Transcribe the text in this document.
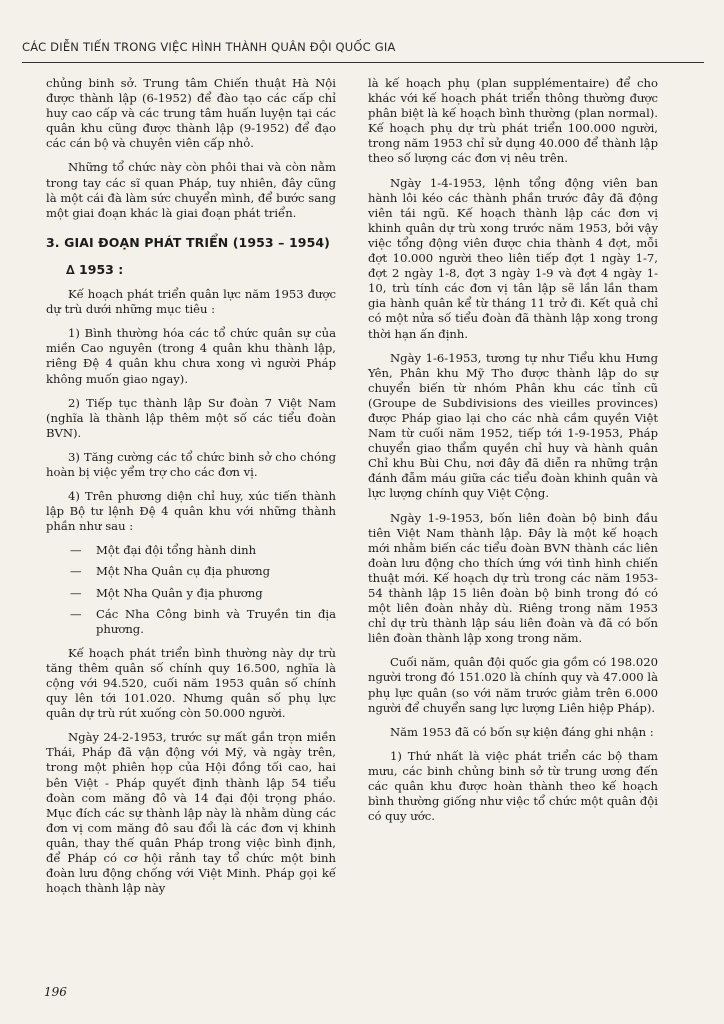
CÁC DIỄN TIẾN TRONG VIỆC HÌNH THÀNH QUÂN ĐỘI QUỐC GIA

chủng binh sở. Trung tâm Chiến thuật Hà Nội được thành lập (6-1952) để đào tạo các cấp chỉ huy cao cấp và các trung tâm huấn luyện tại các quân khu cũng được thành lập (9-1952) để đạo các cán bộ và chuyên viên cấp nhỏ.

Những tổ chức này còn phôi thai và còn nằm trong tay các sĩ quan Pháp, tuy nhiên, đây cũng là một cái đà làm sức chuyển mình, để bước sang một giai đoạn khác là giai đoạn phát triển.

3. GIAI ĐOẠN PHÁT TRIỂN (1953 – 1954)
∆ 1953 :

Kế hoạch phát triển quân lực năm 1953 được dự trù dưới những mục tiêu :

1) Bình thường hóa các tổ chức quân sự của miền Cao nguyên (trong 4 quân khu thành lập, riêng Đệ 4 quân khu chưa xong vì người Pháp không muốn giao ngay).

2) Tiếp tục thành lập Sư đoàn 7 Việt Nam (nghĩa là thành lập thêm một số các tiểu đoàn BVN).

3) Tăng cường các tổ chức binh sở cho chóng hoàn bị việc yểm trợ cho các đơn vị.

4) Trên phương diện chỉ huy, xúc tiến thành lập Bộ tư lệnh Đệ 4 quân khu với những thành phần như sau :

— Một đại đội tổng hành dinh
— Một Nha Quân cụ địa phương
— Một Nha Quân y địa phương
— Các Nha Công binh và Truyền tin địa phương.

Kế hoạch phát triển bình thường này dự trù tăng thêm quân số chính quy 16.500, nghĩa là cộng với 94.520, cuối năm 1953 quân số chính quy lên tới 101.020. Nhưng quân số phụ lực quân dự trù rút xuống còn 50.000 người.

Ngày 24-2-1953, trước sự mất gần trọn miền Thái, Pháp đã vận động với Mỹ, và ngày trên, trong một phiên họp của Hội đồng tối cao, hai bên Việt - Pháp quyết định thành lập 54 tiểu đoàn com măng đô và 14 đại đội trọng pháo. Mục đích các sự thành lập này là nhằm dùng các đơn vị com măng đô sau đổi là các đơn vị khinh quân, thay thế quân Pháp trong việc bình định, để Pháp có cơ hội rảnh tay tổ chức một binh đoàn lưu động chống với Việt Minh. Pháp gọi kế hoạch thành lập này

là kế hoạch phụ (plan supplémentaire) để cho khác với kế hoạch phát triển thông thường được phân biệt là kế hoạch bình thường (plan normal). Kế hoạch phụ dự trù phát triển 100.000 người, trong năm 1953 chỉ sử dụng 40.000 để thành lập theo số lượng các đơn vị nêu trên.

Ngày 1-4-1953, lệnh tổng động viên ban hành lôi kéo các thành phần trước đây đã động viên tái ngũ. Kế hoạch thành lập các đơn vị khinh quân dự trù xong trước năm 1953, bởi vậy việc tổng động viên được chia thành 4 đợt, mỗi đợt 10.000 người theo liên tiếp đợt 1 ngày 1-7, đợt 2 ngày 1-8, đợt 3 ngày 1-9 và đợt 4 ngày 1-10, trù tính các đơn vị tân lập sẽ lần lần tham gia hành quân kể từ tháng 11 trở đi. Kết quả chỉ có một nửa số tiểu đoàn đã thành lập xong trong thời hạn ấn định.

Ngày 1-6-1953, tương tự như Tiểu khu Hưng Yên, Phân khu Mỹ Tho được thành lập do sự chuyển biến từ nhóm Phân khu các tỉnh cũ (Groupe de Subdivisions des vieilles provinces) được Pháp giao lại cho các nhà cầm quyền Việt Nam từ cuối năm 1952, tiếp tới 1-9-1953, Pháp chuyển giao thẩm quyền chỉ huy và hành quân Chỉ khu Bùi Chu, nơi đây đã diễn ra những trận đánh đẫm máu giữa các tiểu đoàn khinh quân và lực lượng chính quy Việt Cộng.

Ngày 1-9-1953, bốn liên đoàn bộ binh đầu tiên Việt Nam thành lập. Đây là một kế hoạch mới nhằm biến các tiểu đoàn BVN thành các liên đoàn lưu động cho thích ứng với tình hình chiến thuật mới. Kế hoạch dự trù trong các năm 1953-54 thành lập 15 liên đoàn bộ binh trong đó có một liên đoàn nhảy dù. Riêng trong năm 1953 chỉ dự trù thành lập sáu liên đoàn và đã có bốn liên đoàn thành lập xong trong năm.

Cuối năm, quân đội quốc gia gồm có 198.020 người trong đó 151.020 là chính quy và 47.000 là phụ lực quân (so với năm trước giảm trên 6.000 người để chuyển sang lực lượng Liên hiệp Pháp).

Năm 1953 đã có bốn sự kiện đáng ghi nhận :

1) Thứ nhất là việc phát triển các bộ tham mưu, các binh chủng binh sở từ trung ương đến các quân khu được hoàn thành theo kế hoạch bình thường giống như việc tổ chức một quân đội có quy ước.

196
